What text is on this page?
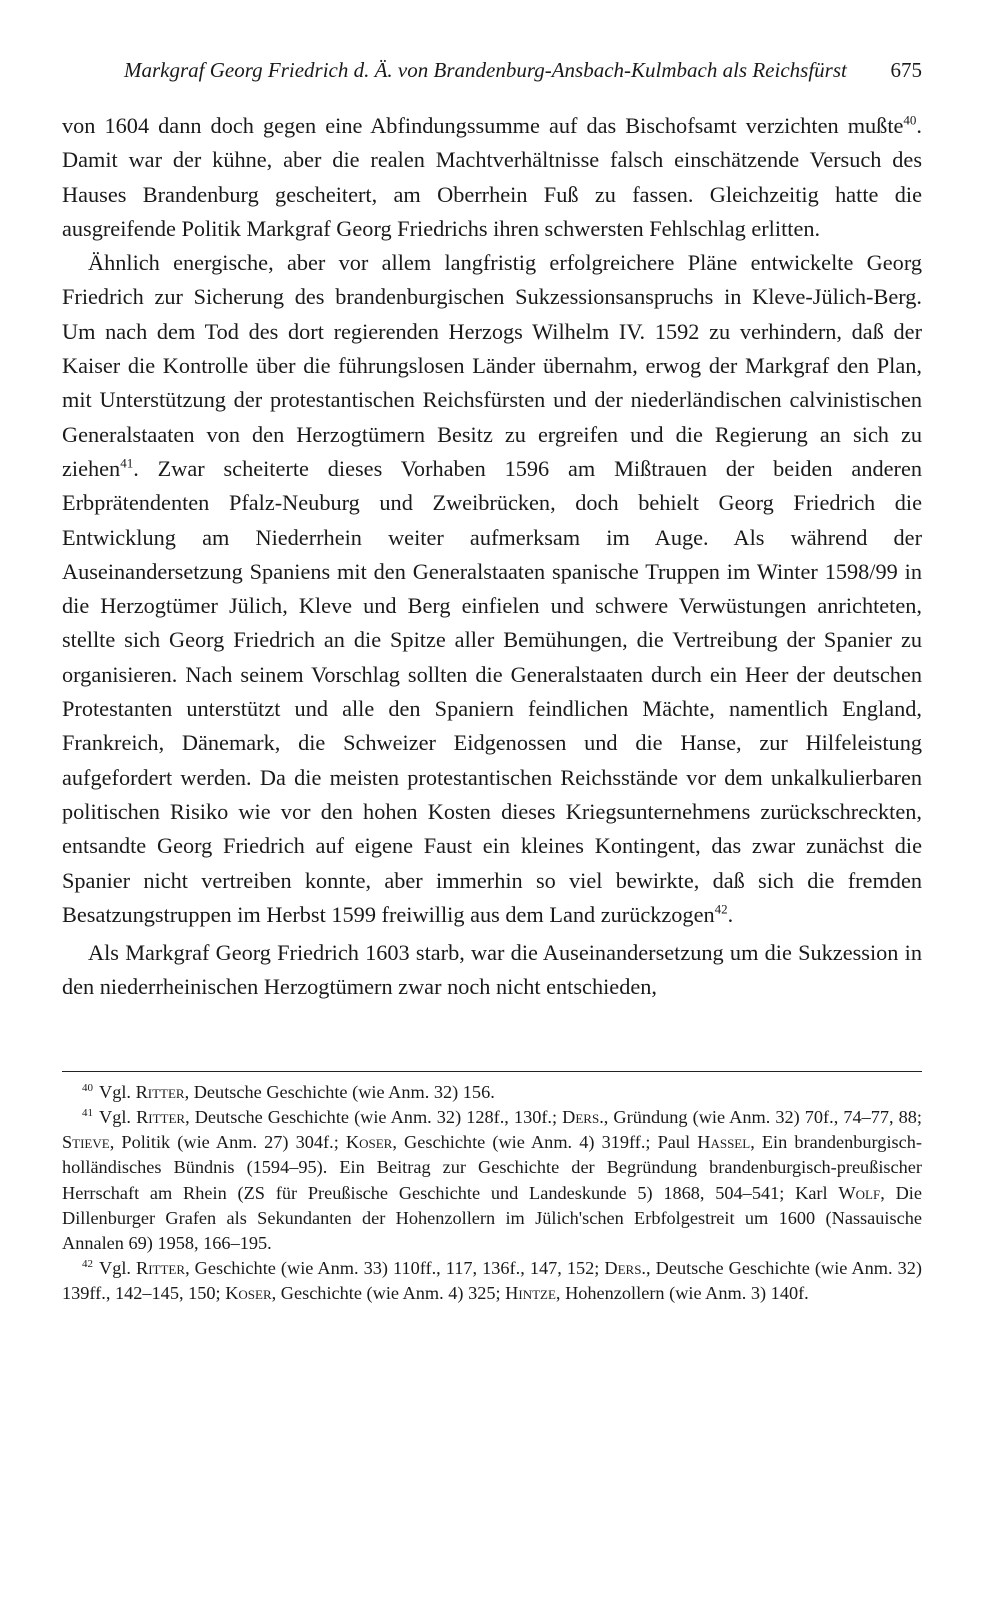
Markgraf Georg Friedrich d. Ä. von Brandenburg-Ansbach-Kulmbach als Reichsfürst 675

von 1604 dann doch gegen eine Abfindungssumme auf das Bischofsamt verzichten mußte$^{40}$. Damit war der kühne, aber die realen Machtverhältnisse falsch einschätzende Versuch des Hauses Brandenburg gescheitert, am Oberrhein Fuß zu fassen. Gleichzeitig hatte die ausgreifende Politik Markgraf Georg Friedrichs ihren schwersten Fehlschlag erlitten.

Ähnlich energische, aber vor allem langfristig erfolgreichere Pläne entwickelte Georg Friedrich zur Sicherung des brandenburgischen Sukzessionsanspruchs in Kleve-Jülich-Berg. Um nach dem Tod des dort regierenden Herzogs Wilhelm IV. 1592 zu verhindern, daß der Kaiser die Kontrolle über die führungslosen Länder übernahm, erwog der Markgraf den Plan, mit Unterstützung der protestantischen Reichsfürsten und der niederländischen calvinistischen Generalstaaten von den Herzogtümern Besitz zu ergreifen und die Regierung an sich zu ziehen$^{41}$. Zwar scheiterte dieses Vorhaben 1596 am Mißtrauen der beiden anderen Erbprätendenten Pfalz-Neuburg und Zweibrücken, doch behielt Georg Friedrich die Entwicklung am Niederrhein weiter aufmerksam im Auge. Als während der Auseinandersetzung Spaniens mit den Generalstaaten spanische Truppen im Winter 1598/99 in die Herzogtümer Jülich, Kleve und Berg einfielen und schwere Verwüstungen anrichteten, stellte sich Georg Friedrich an die Spitze aller Bemühungen, die Vertreibung der Spanier zu organisieren. Nach seinem Vorschlag sollten die Generalstaaten durch ein Heer der deutschen Protestanten unterstützt und alle den Spaniern feindlichen Mächte, namentlich England, Frankreich, Dänemark, die Schweizer Eidgenossen und die Hanse, zur Hilfeleistung aufgefordert werden. Da die meisten protestantischen Reichsstände vor dem unkalkulierbaren politischen Risiko wie vor den hohen Kosten dieses Kriegsunternehmens zurückschreckten, entsandte Georg Friedrich auf eigene Faust ein kleines Kontingent, das zwar zunächst die Spanier nicht vertreiben konnte, aber immerhin so viel bewirkte, daß sich die fremden Besatzungstruppen im Herbst 1599 freiwillig aus dem Land zurückzogen$^{42}$.

Als Markgraf Georg Friedrich 1603 starb, war die Auseinandersetzung um die Sukzession in den niederrheinischen Herzogtümern zwar noch nicht entschieden,

$^{40}$ Vgl. Ritter, Deutsche Geschichte (wie Anm. 32) 156.

$^{41}$ Vgl. Ritter, Deutsche Geschichte (wie Anm. 32) 128f., 130f.; Ders., Gründung (wie Anm. 32) 70f., 74–77, 88; Stieve, Politik (wie Anm. 27) 304f.; Koser, Geschichte (wie Anm. 4) 319ff.; Paul Hassel, Ein brandenburgisch-holländisches Bündnis (1594–95). Ein Beitrag zur Geschichte der Begründung brandenburgisch-preußischer Herrschaft am Rhein (ZS für Preußische Geschichte und Landeskunde 5) 1868, 504–541; Karl Wolf, Die Dillenburger Grafen als Sekundanten der Hohenzollern im Jülich'schen Erbfolgestreit um 1600 (Nassauische Annalen 69) 1958, 166–195.

$^{42}$ Vgl. Ritter, Geschichte (wie Anm. 33) 110ff., 117, 136f., 147, 152; Ders., Deutsche Geschichte (wie Anm. 32) 139ff., 142–145, 150; Koser, Geschichte (wie Anm. 4) 325; Hintze, Hohenzollern (wie Anm. 3) 140f.
